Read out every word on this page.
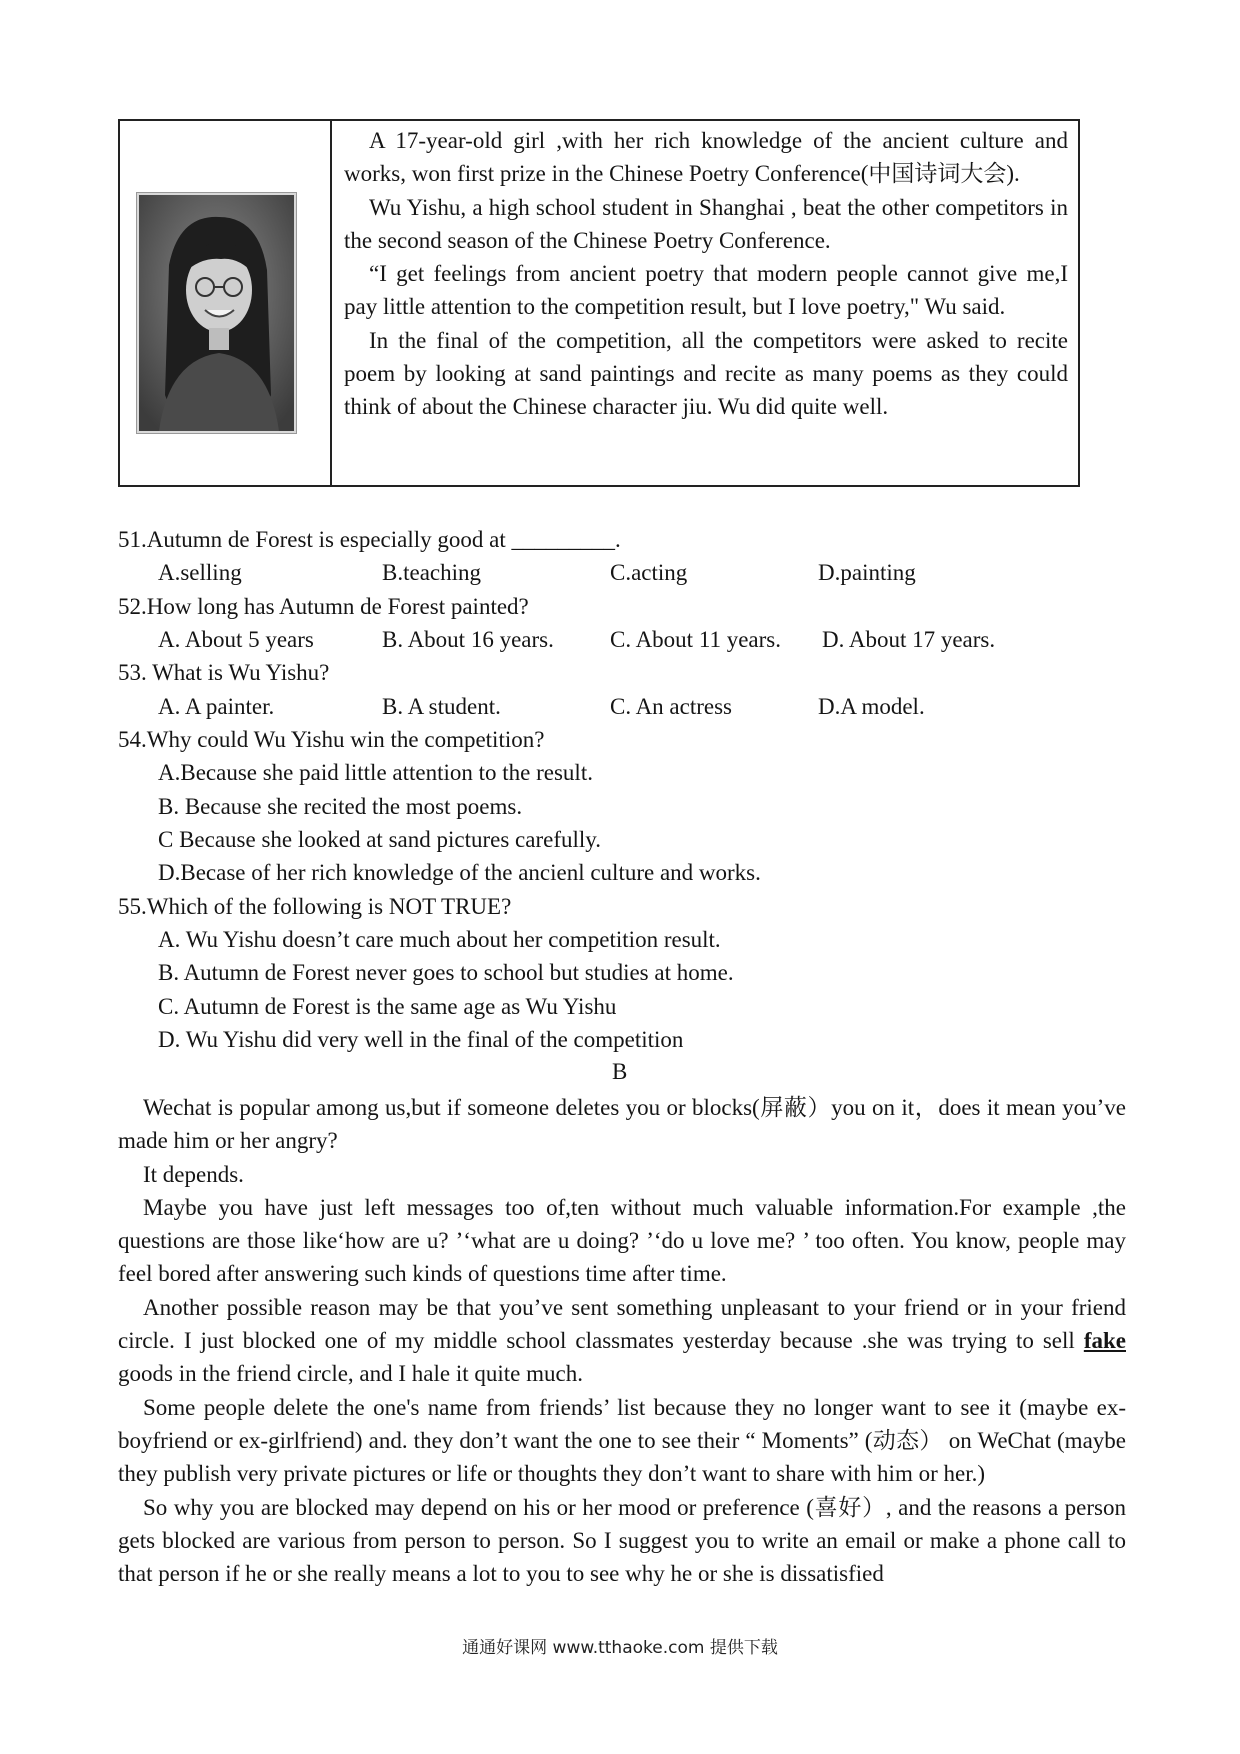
A 17-year-old girl ,with her rich knowledge of the ancient culture and works, won first prize in the Chinese Poetry Conference(中国诗词大会).

Wu Yishu, a high school student in Shanghai , beat the other competitors in the second season of the Chinese Poetry Conference.

“I get feelings from ancient poetry that modern people cannot give me,I pay little attention to the competition result, but I love poetry," Wu said.

In the final of the competition, all the competitors were asked to recite poem by looking at sand paintings and recite as many poems as they could think of about the Chinese character jiu. Wu did quite well.

51.Autumn de Forest is especially good at _________.
A.selling	B.teaching	C.acting	D.painting
52.How long has Autumn de Forest painted?
A. About 5 years	B. About 16 years. C. About 11 years. D. About 17 years.
53. What is Wu Yishu?
A. A painter.	B. A student.	C. An actress	D.A model.
54.Why could Wu Yishu win the competition?
A.Because she paid little attention to the result.
B. Because she recited the most poems.
C Because she looked at sand pictures carefully.
D.Becase of her rich knowledge of the ancienl culture and works.
55.Which of the following is NOT TRUE?
A. Wu Yishu doesn’t care much about her competition result.
B. Autumn de Forest never goes to school but studies at home.
C. Autumn de Forest is the same age as Wu Yishu
D. Wu Yishu did very well in the final of the competition
B

Wechat is popular among us,but if someone deletes you or blocks(屏蔽）you on it，does it mean you’ve made him or her angry?

It depends.

Maybe you have just left messages too of,ten without much valuable information.For example ,the questions are those like‘how are u? ’‘what are u doing? ’‘do u love me? ’ too often. You know, people may feel bored after answering such kinds of questions time after time.

Another possible reason may be that you’ve sent something unpleasant to your friend or in your friend circle. I just blocked one of my middle school classmates yesterday because .she was trying to sell fake goods in the friend circle, and I hale it quite much.

Some people delete the one's name from friends’ list because they no longer want to see it (maybe ex-boyfriend or ex-girlfriend) and. they don’t want the one to see their “ Moments” (动态） on WeChat (maybe they publish very private pictures or life or thoughts they don’t want to share with him or her.)

So why you are blocked may depend on his or her mood or preference (喜好）, and the reasons a person gets blocked are various from person to person. So I suggest you to write an email or make a phone call to that person if he or she really means a lot to you to see why he or she is dissatisfied

通通好课网 www.tthaoke.com 提供下载
